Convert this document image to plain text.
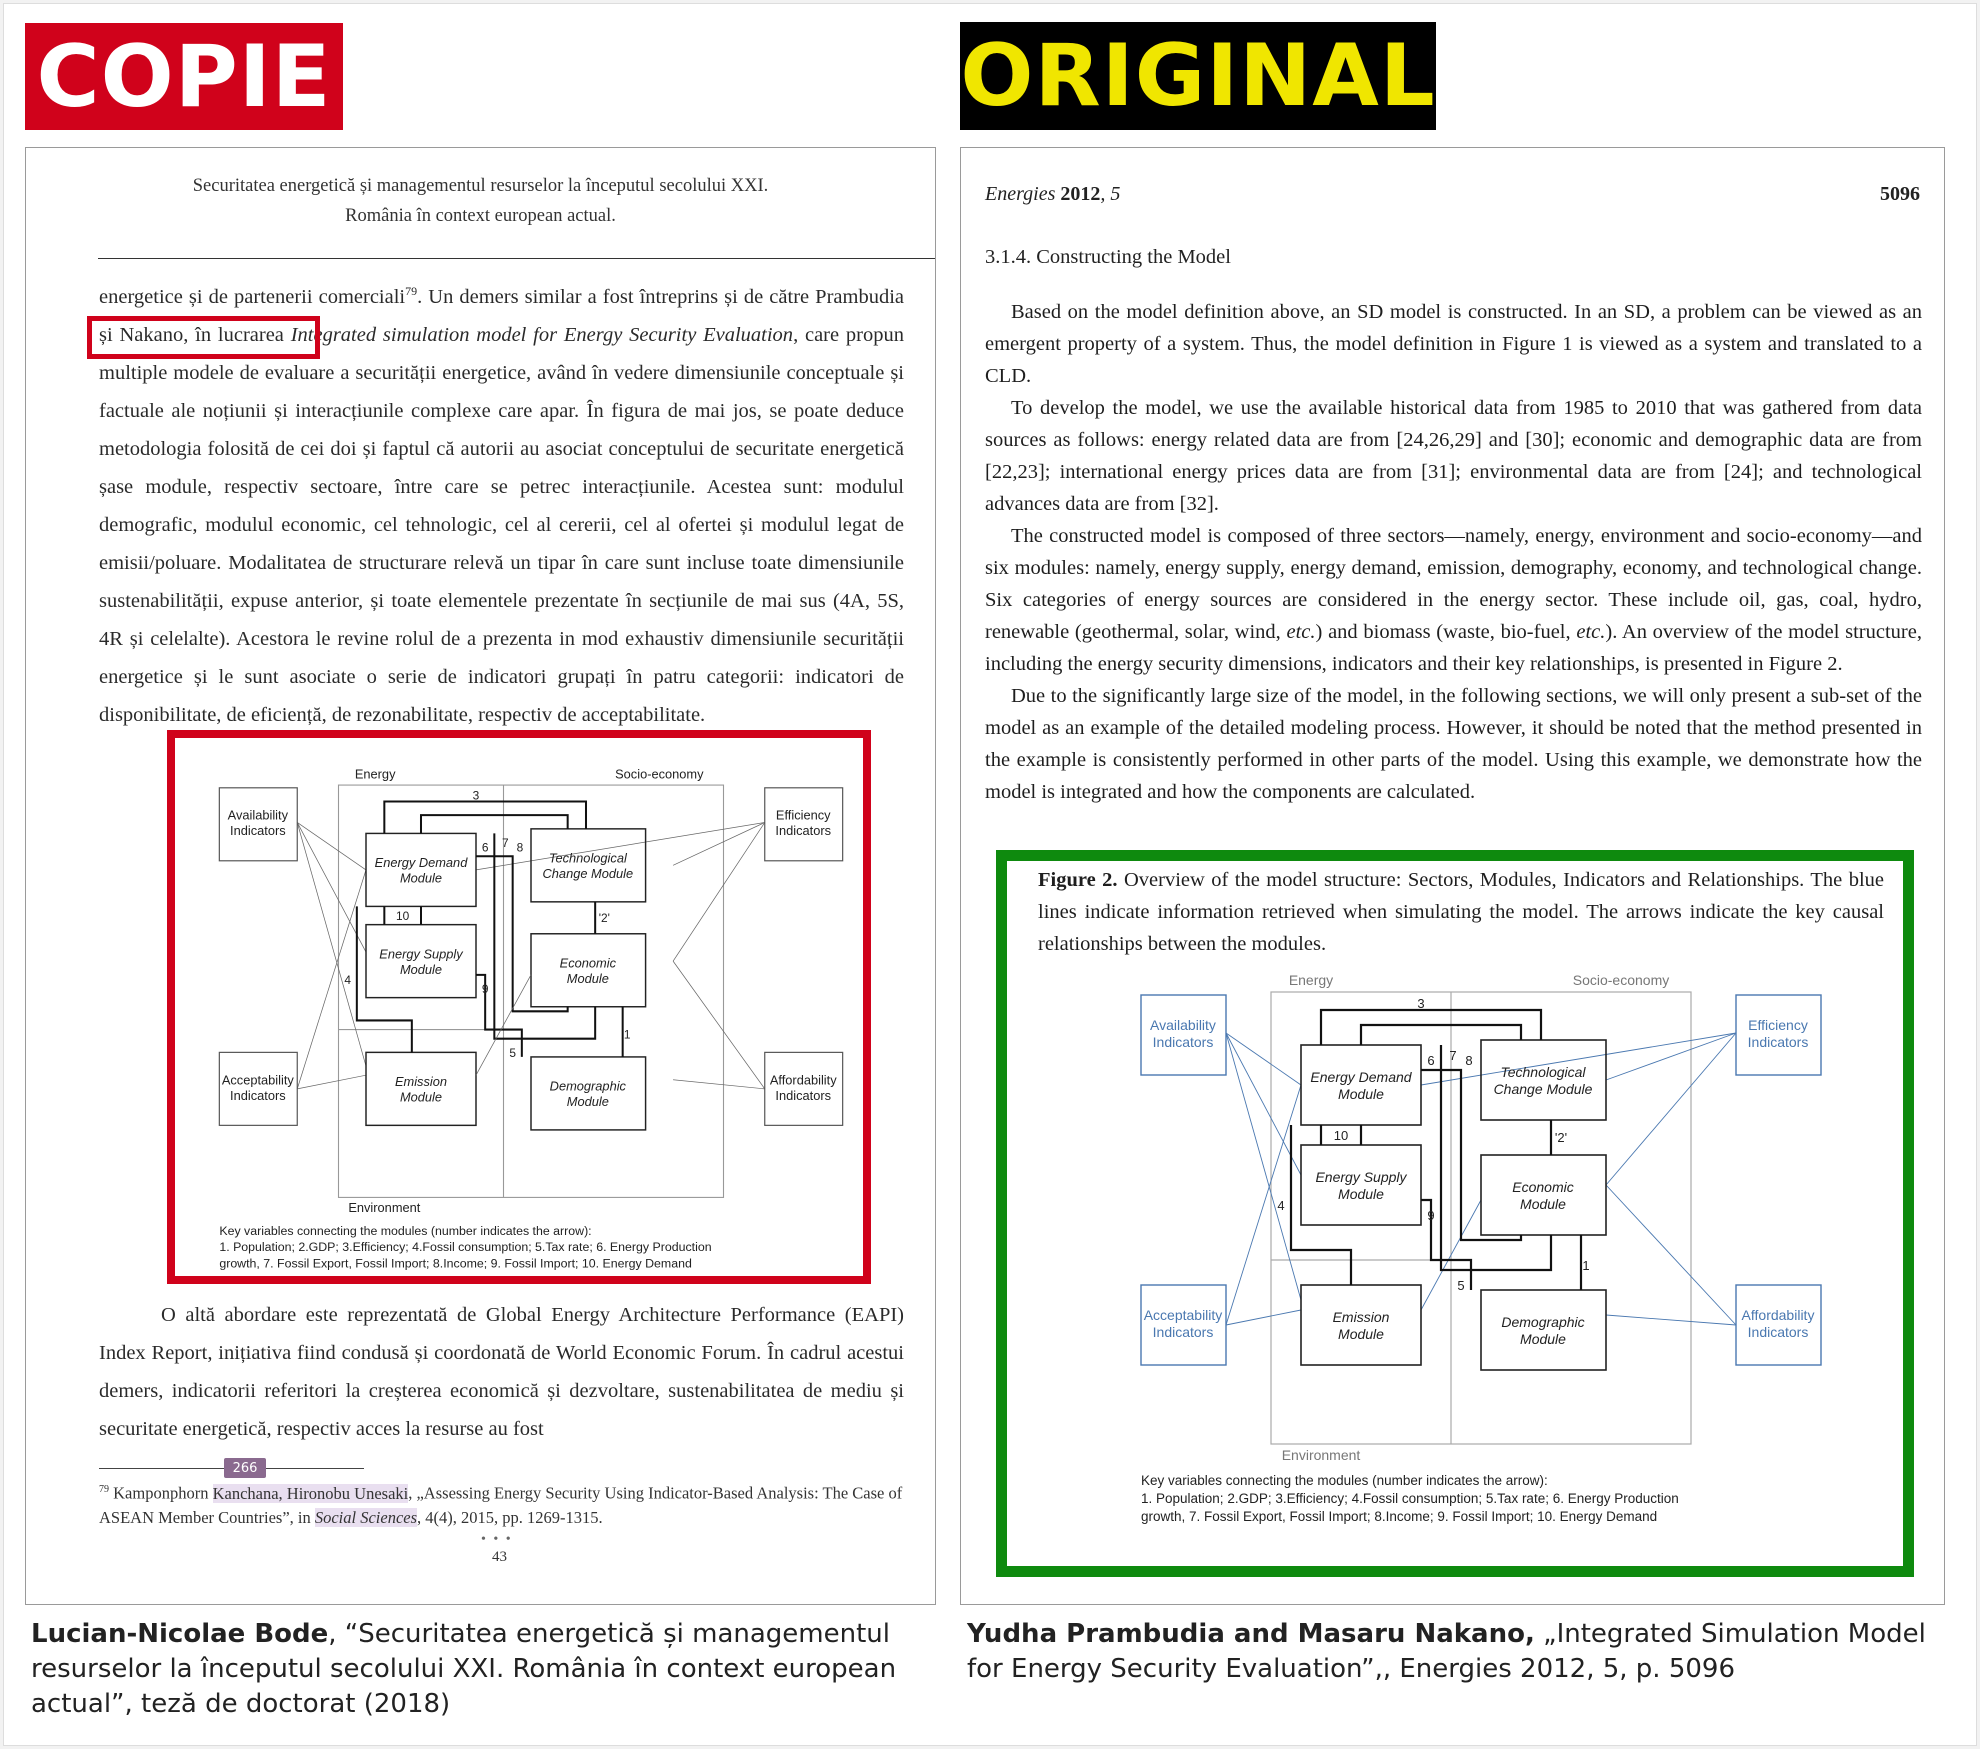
COPIE	ORIGINAL
Securitatea energetică și managementul resurselor la începutul secolului XXI.
România în context european actual.

energetice și de parteneriі comerciali$^{79}$. Un demers similar a fost întreprins și de către Prambudia și Nakano, în lucrarea Integrated simulation model for Energy Security Evaluation, care propun multiple modele de evaluare a securității energetice, având în vedere dimensiunile conceptuale și factuale ale noțiunii și interacțiunile complexe care apar. În figura de mai jos, se poate deduce metodologia folosită de cei doi și faptul că autorii au asociat conceptului de securitate energetică șase module, respectiv sectoare, între care se petrec interacțiunile. Acestea sunt: modulul demografic, modulul economic, cel tehnologic, cel al cererii, cel al ofertei și modulul legat de emisii/poluare. Modalitatea de structurare relevă un tipar în care sunt incluse toate dimensiunile sustenabilității, expuse anterior, și toate elementele prezentate în secțiunile de mai sus (4A, 5S, 4R și celelalte). Acestora le revine rolul de a prezenta in mod exhaustiv dimensiunile securității energetice și le sunt asociate o serie de indicatori grupați în patru categorii: indicatori de disponibilitate, de eficiență, de rezonabilitate, respectiv de acceptabilitate.

Energy	Socio-economy
Environment
Availability
Indicators
Efficiency
Indicators
Acceptability
Indicators
Affordability
Indicators
Energy Demand
Module
Technological
Change Module
Energy Supply
Module	Economic
Module
Emission
Module
Demographic
Module
1
'2'
3
4
5
6 7 8
9
10
Key variables connecting the modules (number indicates the arrow):
1. Population; 2.GDP; 3.Efficiency; 4.Fossil consumption; 5.Tax rate; 6. Energy Production
growth, 7. Fossil Export, Fossil Import; 8.Income; 9. Fossil Import; 10. Energy Demand
O altă abordare este reprezentată de Global Energy Architecture Performance (EAPI) Index Report, inițiativa fiind condusă și coordonată de World Economic Forum. În cadrul acestui demers, indicatorii referitori la creșterea economică și dezvoltare, sustenabilitatea de mediu și securitate energetică, respectiv acces la resurse au fost
266
$^{79}$ Kamponphorn Kanchana, Hironobu Unesaki, „Assessing Energy Security Using Indicator-Based Analysis: The Case of ASEAN Member Countries”, in Social Sciences, 4(4), 2015, pp. 1269-1315.
• • •
43
Energies 2012, 5	5096
3.1.4. Constructing the Model

Based on the model definition above, an SD model is constructed. In an SD, a problem can be viewed as an emergent property of a system. Thus, the model definition in Figure 1 is viewed as a system and translated to a CLD.

To develop the model, we use the available historical data from 1985 to 2010 that was gathered from data sources as follows: energy related data are from [24,26,29] and [30]; economic and demographic data are from [22,23]; international energy prices data are from [31]; environmental data are from [24]; and technological advances data are from [32].

The constructed model is composed of three sectors—namely, energy, environment and socio-economy—and six modules: namely, energy supply, energy demand, emission, demography, economy, and technological change. Six categories of energy sources are considered in the energy sector. These include oil, gas, coal, hydro, renewable (geothermal, solar, wind, etc.) and biomass (waste, bio-fuel, etc.). An overview of the model structure, including the energy security dimensions, indicators and their key relationships, is presented in Figure 2.

Due to the significantly large size of the model, in the following sections, we will only present a sub-set of the model as an example of the detailed modeling process. However, it should be noted that the method presented in the example is consistently performed in other parts of the model. Using this example, we demonstrate how the model is integrated and how the components are calculated.

Figure 2. Overview of the model structure: Sectors, Modules, Indicators and Relationships. The blue lines indicate information retrieved when simulating the model. The arrows indicate the key causal relationships between the modules.
Energy	Socio-economy
Environment
Availability
Indicators
Efficiency
Indicators
Acceptability
Indicators
Affordability
Indicators
Energy Demand
Module
Technological
Change Module
Energy Supply
Module	Economic
Module
Emission
Module
Demographic
Module
1
'2'
3
4
5
6 7 8
9
10
Key variables connecting the modules (number indicates the arrow):
1. Population; 2.GDP; 3.Efficiency; 4.Fossil consumption; 5.Tax rate; 6. Energy Production
growth, 7. Fossil Export, Fossil Import; 8.Income; 9. Fossil Import; 10. Energy Demand
Lucian-Nicolae Bode, “Securitatea energetică și managementul resurselor la începutul secolului XXI. România în context european actual”, teză de doctorat (2018)
Yudha Prambudia and Masaru Nakano, „Integrated Simulation Model for Energy Security Evaluation”,, Energies 2012, 5, p. 5096
